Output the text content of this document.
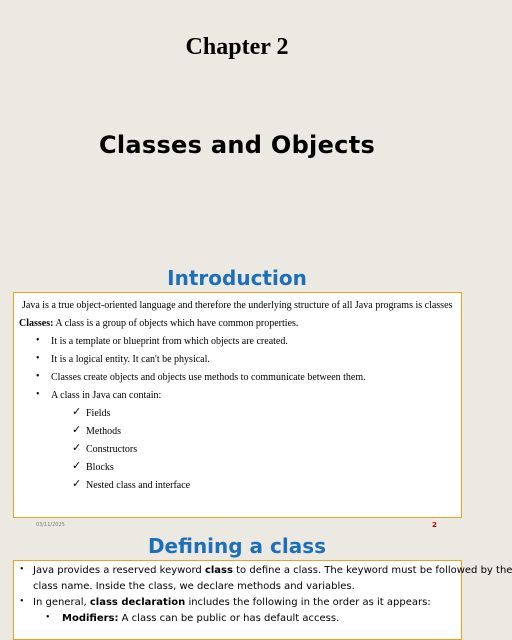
Chapter 2
Classes and Objects
Introduction
Java is a true object-oriented language and therefore the underlying structure of all Java programs is classes
Classes: A class is a group of objects which have common properties.
• It is a template or blueprint from which objects are created.
• It is a logical entity. It can't be physical.
• Classes create objects and objects use methods to communicate between them.
• A class in Java can contain:
✓ Fields
✓ Methods
✓ Constructors
✓ Blocks
✓ Nested class and interface
03/11/2025	2
Defining a class
• Java provides a reserved keyword class to define a class. The keyword must be followed by the
class name. Inside the class, we declare methods and variables.
• In general, class declaration includes the following in the order as it appears:
• Modifiers: A class can be public or has default access.
